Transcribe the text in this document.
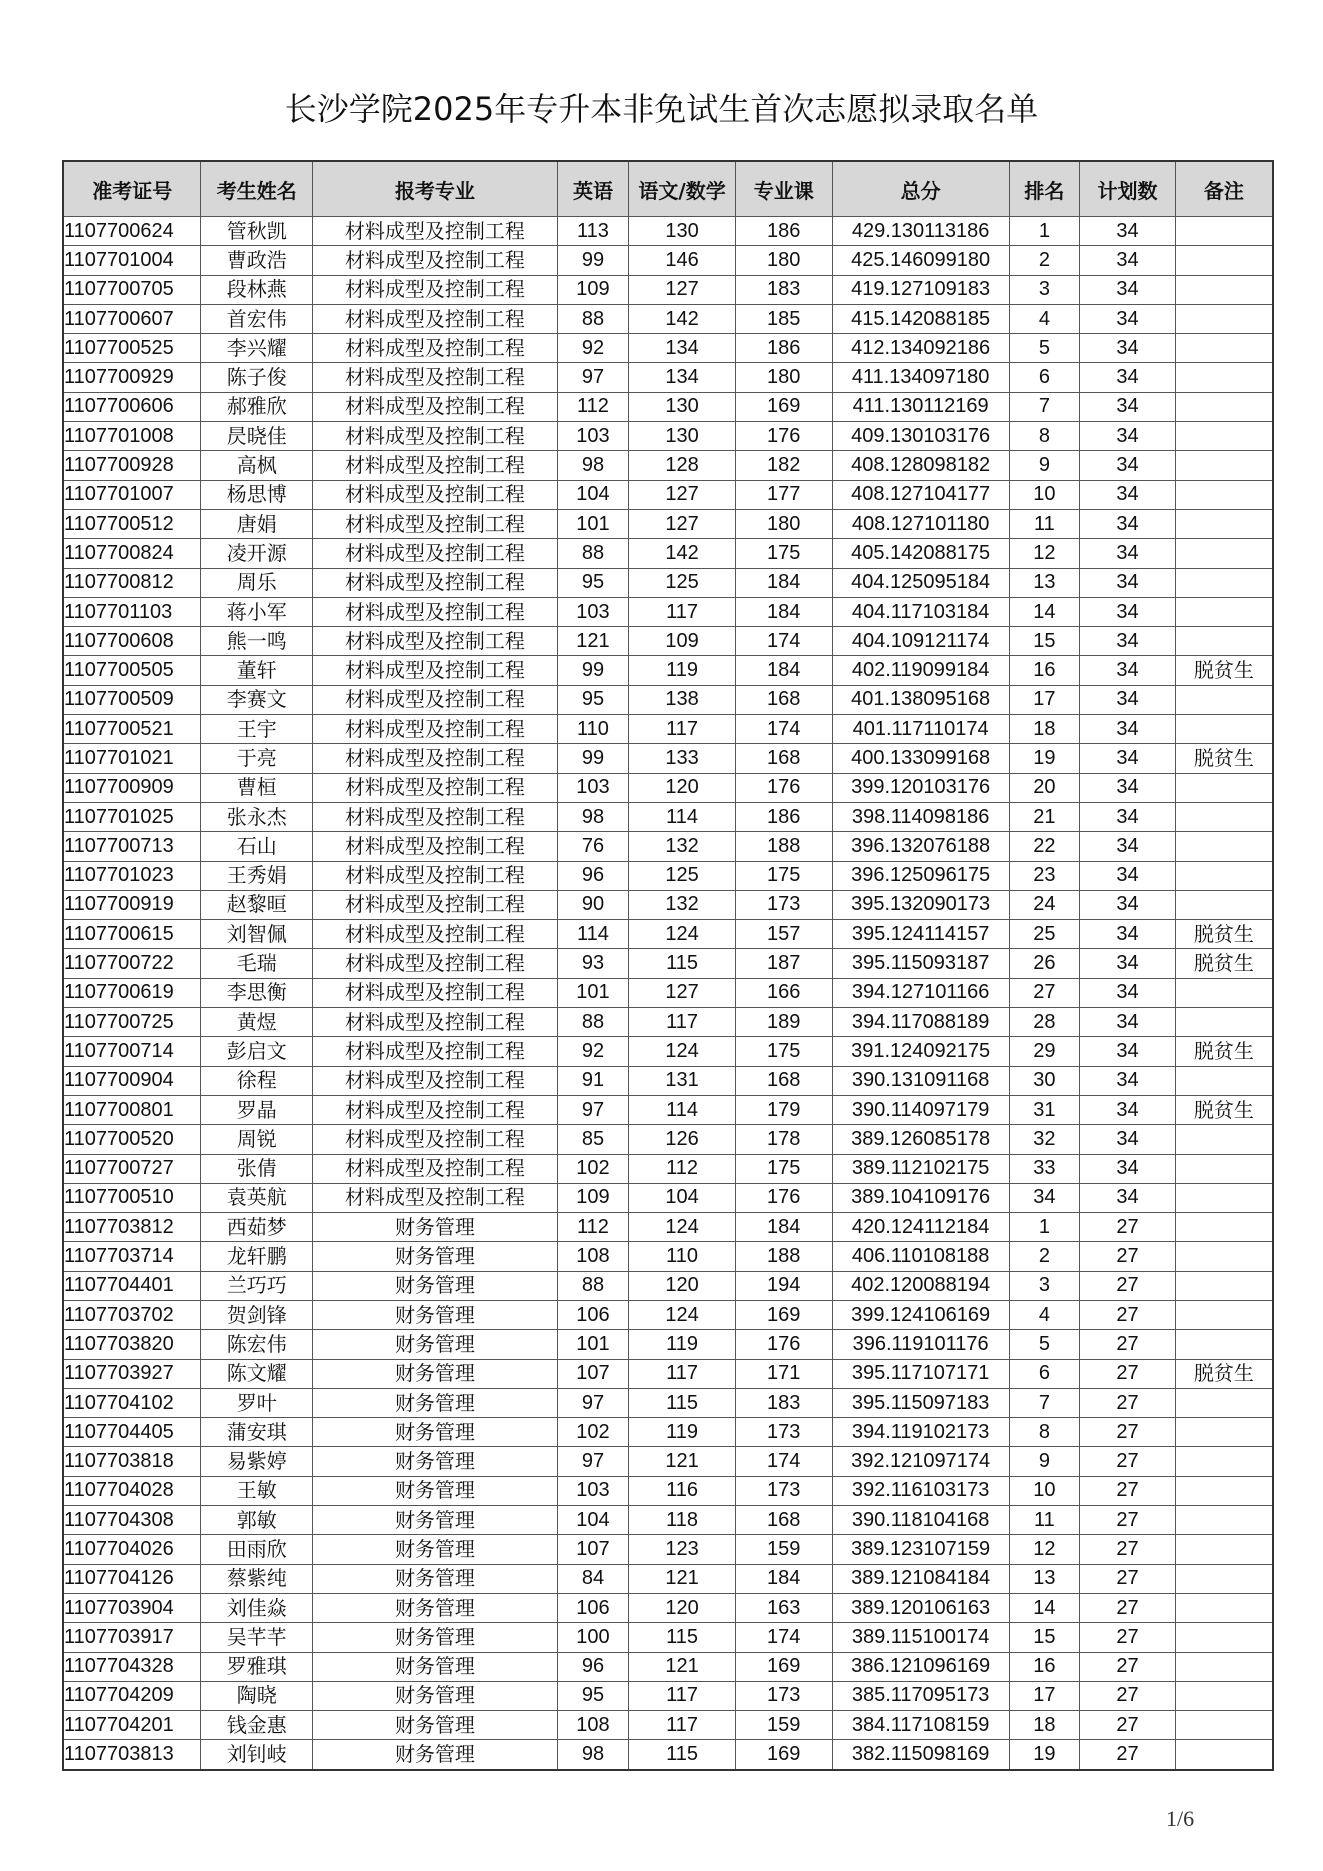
长沙学院2025年专升本非免试生首次志愿拟录取名单
准考证号	考生姓名	报考专业	英语	语文/数学	专业课	总分	排名	计划数	备注
1107700624	管秋凯	材料成型及控制工程	113	130	186	429.130113186	1	34	
1107701004	曹政浩	材料成型及控制工程	99	146	180	425.146099180	2	34	
1107700705	段林燕	材料成型及控制工程	109	127	183	419.127109183	3	34	
1107700607	首宏伟	材料成型及控制工程	88	142	185	415.142088185	4	34	
1107700525	李兴耀	材料成型及控制工程	92	134	186	412.134092186	5	34	
1107700929	陈子俊	材料成型及控制工程	97	134	180	411.134097180	6	34	
1107700606	郝雅欣	材料成型及控制工程	112	130	169	411.130112169	7	34	
1107701008	昃晓佳	材料成型及控制工程	103	130	176	409.130103176	8	34	
1107700928	高枫	材料成型及控制工程	98	128	182	408.128098182	9	34	
1107701007	杨思博	材料成型及控制工程	104	127	177	408.127104177	10	34	
1107700512	唐娟	材料成型及控制工程	101	127	180	408.127101180	11	34	
1107700824	凌开源	材料成型及控制工程	88	142	175	405.142088175	12	34	
1107700812	周乐	材料成型及控制工程	95	125	184	404.125095184	13	34	
1107701103	蒋小军	材料成型及控制工程	103	117	184	404.117103184	14	34	
1107700608	熊一鸣	材料成型及控制工程	121	109	174	404.109121174	15	34	
1107700505	董轩	材料成型及控制工程	99	119	184	402.119099184	16	34	脱贫生
1107700509	李赛文	材料成型及控制工程	95	138	168	401.138095168	17	34	
1107700521	王宇	材料成型及控制工程	110	117	174	401.117110174	18	34	
1107701021	于亮	材料成型及控制工程	99	133	168	400.133099168	19	34	脱贫生
1107700909	曹桓	材料成型及控制工程	103	120	176	399.120103176	20	34	
1107701025	张永杰	材料成型及控制工程	98	114	186	398.114098186	21	34	
1107700713	石山	材料成型及控制工程	76	132	188	396.132076188	22	34	
1107701023	王秀娟	材料成型及控制工程	96	125	175	396.125096175	23	34	
1107700919	赵黎晅	材料成型及控制工程	90	132	173	395.132090173	24	34	
1107700615	刘智佩	材料成型及控制工程	114	124	157	395.124114157	25	34	脱贫生
1107700722	毛瑞	材料成型及控制工程	93	115	187	395.115093187	26	34	脱贫生
1107700619	李思衡	材料成型及控制工程	101	127	166	394.127101166	27	34	
1107700725	黄煜	材料成型及控制工程	88	117	189	394.117088189	28	34	
1107700714	彭启文	材料成型及控制工程	92	124	175	391.124092175	29	34	脱贫生
1107700904	徐程	材料成型及控制工程	91	131	168	390.131091168	30	34	
1107700801	罗晶	材料成型及控制工程	97	114	179	390.114097179	31	34	脱贫生
1107700520	周锐	材料成型及控制工程	85	126	178	389.126085178	32	34	
1107700727	张倩	材料成型及控制工程	102	112	175	389.112102175	33	34	
1107700510	袁英航	材料成型及控制工程	109	104	176	389.104109176	34	34	
1107703812	西茹梦	财务管理	112	124	184	420.124112184	1	27	
1107703714	龙轩鹏	财务管理	108	110	188	406.110108188	2	27	
1107704401	兰巧巧	财务管理	88	120	194	402.120088194	3	27	
1107703702	贺剑锋	财务管理	106	124	169	399.124106169	4	27	
1107703820	陈宏伟	财务管理	101	119	176	396.119101176	5	27	
1107703927	陈文耀	财务管理	107	117	171	395.117107171	6	27	脱贫生
1107704102	罗叶	财务管理	97	115	183	395.115097183	7	27	
1107704405	蒲安琪	财务管理	102	119	173	394.119102173	8	27	
1107703818	易紫婷	财务管理	97	121	174	392.121097174	9	27	
1107704028	王敏	财务管理	103	116	173	392.116103173	10	27	
1107704308	郭敏	财务管理	104	118	168	390.118104168	11	27	
1107704026	田雨欣	财务管理	107	123	159	389.123107159	12	27	
1107704126	蔡紫纯	财务管理	84	121	184	389.121084184	13	27	
1107703904	刘佳焱	财务管理	106	120	163	389.120106163	14	27	
1107703917	吴芊芊	财务管理	100	115	174	389.115100174	15	27	
1107704328	罗雅琪	财务管理	96	121	169	386.121096169	16	27	
1107704209	陶晓	财务管理	95	117	173	385.117095173	17	27	
1107704201	钱金惠	财务管理	108	117	159	384.117108159	18	27	
1107703813	刘钊岐	财务管理	98	115	169	382.115098169	19	27	
1/6
